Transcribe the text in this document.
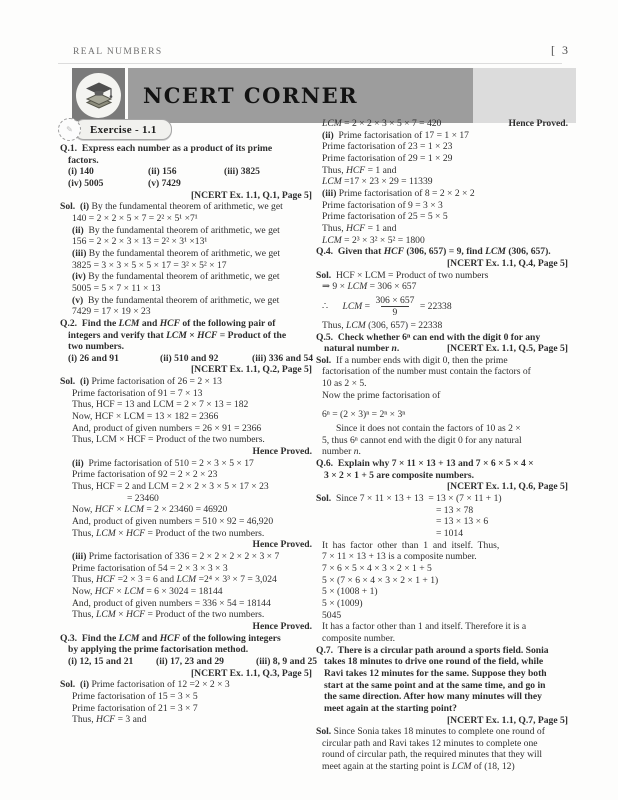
REAL NUMBERS	[ 3
NCERT CORNER
✎	Exercise - 1.1
Q.1.  Express each number as a product of its prime
factors.
(i) 140	(ii) 156	(iii) 3825
(iv) 5005	(v) 7429
[NCERT Ex. 1.1, Q.1, Page 5]
Sol.  (i) By the fundamental theorem of arithmetic, we get
140 = 2 × 2 × 5 × 7 = 2² × 5¹ ×7¹
(ii)  By the fundamental theorem of arithmetic, we get
156 = 2 × 2 × 3 × 13 = 2² × 3¹ ×13¹
(iii) By the fundamental theorem of arithmetic, we get
3825 = 3 × 3 × 5 × 5 × 17 = 3² × 5² × 17
(iv) By the fundamental theorem of arithmetic, we get
5005 = 5 × 7 × 11 × 13
(v)  By the fundamental theorem of arithmetic, we get
7429 = 17 × 19 × 23
Q.2.  Find the LCM and HCF of the following pair of
integers and verify that LCM × HCF = Product of the
two numbers.
(i) 26 and 91	(ii) 510 and 92	(iii) 336 and 54
[NCERT Ex. 1.1, Q.2, Page 5]
Sol.  (i) Prime factorisation of 26 = 2 × 13
Prime factorisation of 91 = 7 × 13
Thus, HCF = 13 and LCM = 2 × 7 × 13 = 182
Now, HCF × LCM = 13 × 182 = 2366
And, product of given numbers = 26 × 91 = 2366
Thus, LCM × HCF = Product of the two numbers.
Hence Proved.
(ii)  Prime factorisation of 510 = 2 × 3 × 5 × 17
Prime factorisation of 92 = 2 × 2 × 23
Thus, HCF = 2 and LCM = 2 × 2 × 3 × 5 × 17 × 23
= 23460
Now, HCF × LCM = 2 × 23460 = 46920
And, product of given numbers = 510 × 92 = 46,920
Thus, LCM × HCF = Product of the two numbers.
Hence Proved.
(iii) Prime factorisation of 336 = 2 × 2 × 2 × 2 × 3 × 7
Prime factorisation of 54 = 2 × 3 × 3 × 3
Thus, HCF =2 × 3 = 6 and LCM =2⁴ × 3³ × 7 = 3,024
Now, HCF × LCM = 6 × 3024 = 18144
And, product of given numbers = 336 × 54 = 18144
Thus, LCM × HCF = Product of the two numbers.
Hence Proved.
Q.3.  Find the LCM and HCF of the following integers
by applying the prime factorisation method.
(i) 12, 15 and 21 (ii) 17, 23 and 29	(iii) 8, 9 and 25
[NCERT Ex. 1.1, Q.3, Page 5]
Sol.  (i) Prime factorisation of 12 =2 × 2 × 3
Prime factorisation of 15 = 3 × 5
Prime factorisation of 21 = 3 × 7
Thus, HCF = 3 and
LCM = 2 × 2 × 3 × 5 × 7 = 420	Hence Proved.
(ii)  Prime factorisation of 17 = 1 × 17
Prime factorisation of 23 = 1 × 23
Prime factorisation of 29 = 1 × 29
Thus, HCF = 1 and
LCM =17 × 23 × 29 = 11339
(iii) Prime factorisation of 8 = 2 × 2 × 2
Prime factorisation of 9 = 3 × 3
Prime factorisation of 25 = 5 × 5
Thus, HCF = 1 and
LCM = 2³ × 3² × 5² = 1800
Q.4.  Given that HCF (306, 657) = 9, find LCM (306, 657).
[NCERT Ex. 1.1, Q.4, Page 5]
Sol.  HCF × LCM = Product of two numbers
⇒ 9 × LCM = 306 × 657
∴ LCM = $\frac{306 \times 657}{9} = 22338$
Thus, LCM (306, 657) = 22338
Q.5.  Check whether 6ⁿ can end with the digit 0 for any
natural number n.	[NCERT Ex. 1.1, Q.5, Page 5]
Sol.  If a number ends with digit 0, then the prime
factorisation of the number must contain the factors of
10 as 2 × 5.
Now the prime factorisation of
6ⁿ = (2 × 3)ⁿ = 2ⁿ × 3ⁿ
Since it does not contain the factors of 10 as 2 ×
5, thus 6ⁿ cannot end with the digit 0 for any natural
number n.
Q.6.  Explain why 7 × 11 × 13 + 13 and 7 × 6 × 5 × 4 ×
3 × 2 × 1 + 5 are composite numbers.
[NCERT Ex. 1.1, Q.6, Page 5]
Sol.  Since 7 × 11 × 13 + 13  = 13 × (7 × 11 + 1)
= 13 × 78
= 13 × 13 × 6
= 1014
It  has  factor  other  than  1  and  itself.  Thus,
7 × 11 × 13 + 13 is a composite number.
7 × 6 × 5 × 4 × 3 × 2 × 1 + 5
5 × (7 × 6 × 4 × 3 × 2 × 1 + 1)
5 × (1008 + 1)
5 × (1009)
5045
It has a factor other than 1 and itself. Therefore it is a
composite number.
Q.7.  There is a circular path around a sports field. Sonia
takes 18 minutes to drive one round of the field, while
Ravi takes 12 minutes for the same. Suppose they both
start at the same point and at the same time, and go in
the same direction. After how many minutes will they
meet again at the starting point?
[NCERT Ex. 1.1, Q.7, Page 5]
Sol. Since Sonia takes 18 minutes to complete one round of
circular path and Ravi takes 12 minutes to complete one
round of circular path, the required minutes that they will
meet again at the starting point is LCM of (18, 12)
